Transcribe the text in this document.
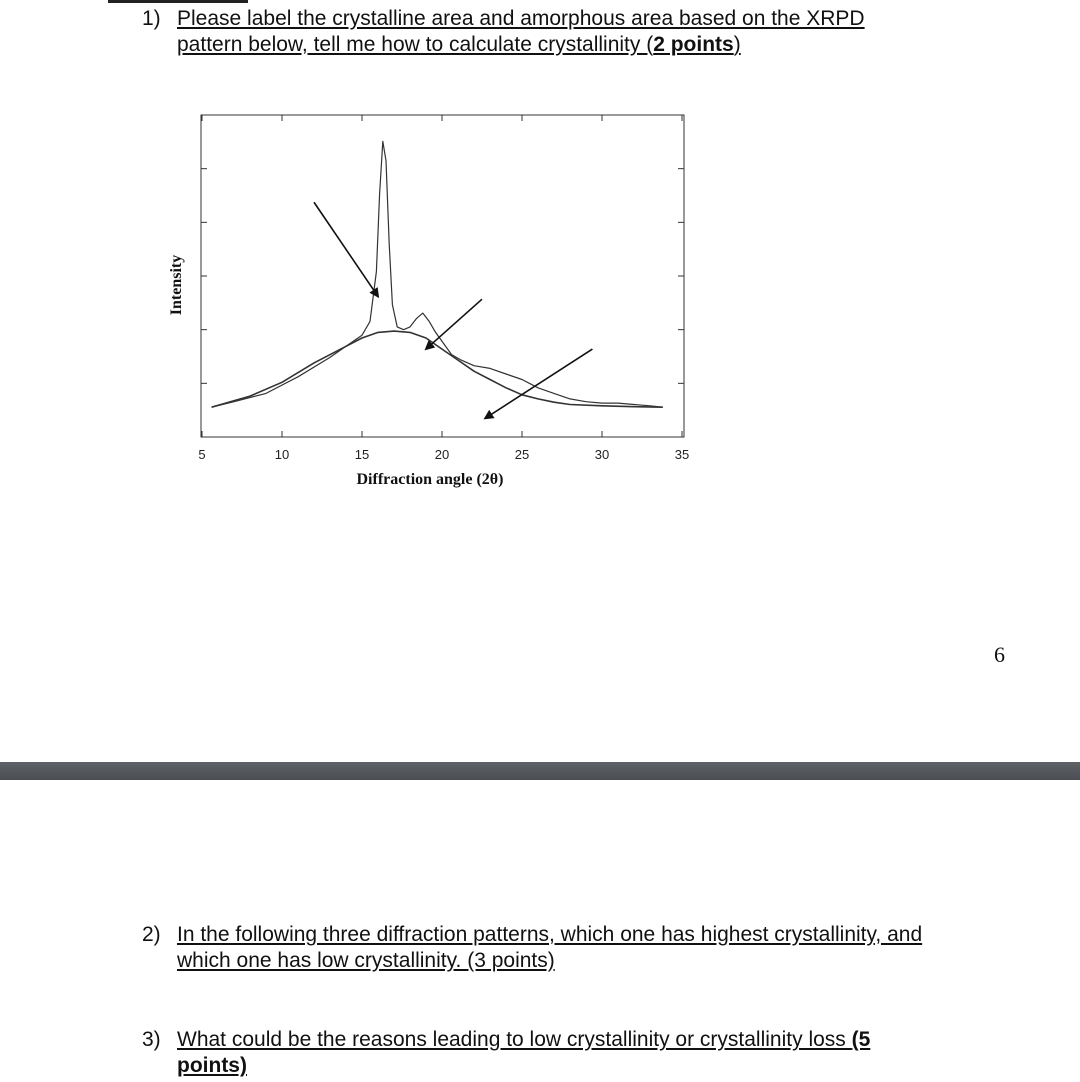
1) Please label the crystalline area and amorphous area based on the XRPD
pattern below, tell me how to calculate crystallinity (2 points)
5	10	15	20	25	30	35
Diffraction angle (2θ)
Intensity
6
2) In the following three diffraction patterns, which one has highest crystallinity, and
which one has low crystallinity. (3 points)
3) What could be the reasons leading to low crystallinity or crystallinity loss (5
points)
